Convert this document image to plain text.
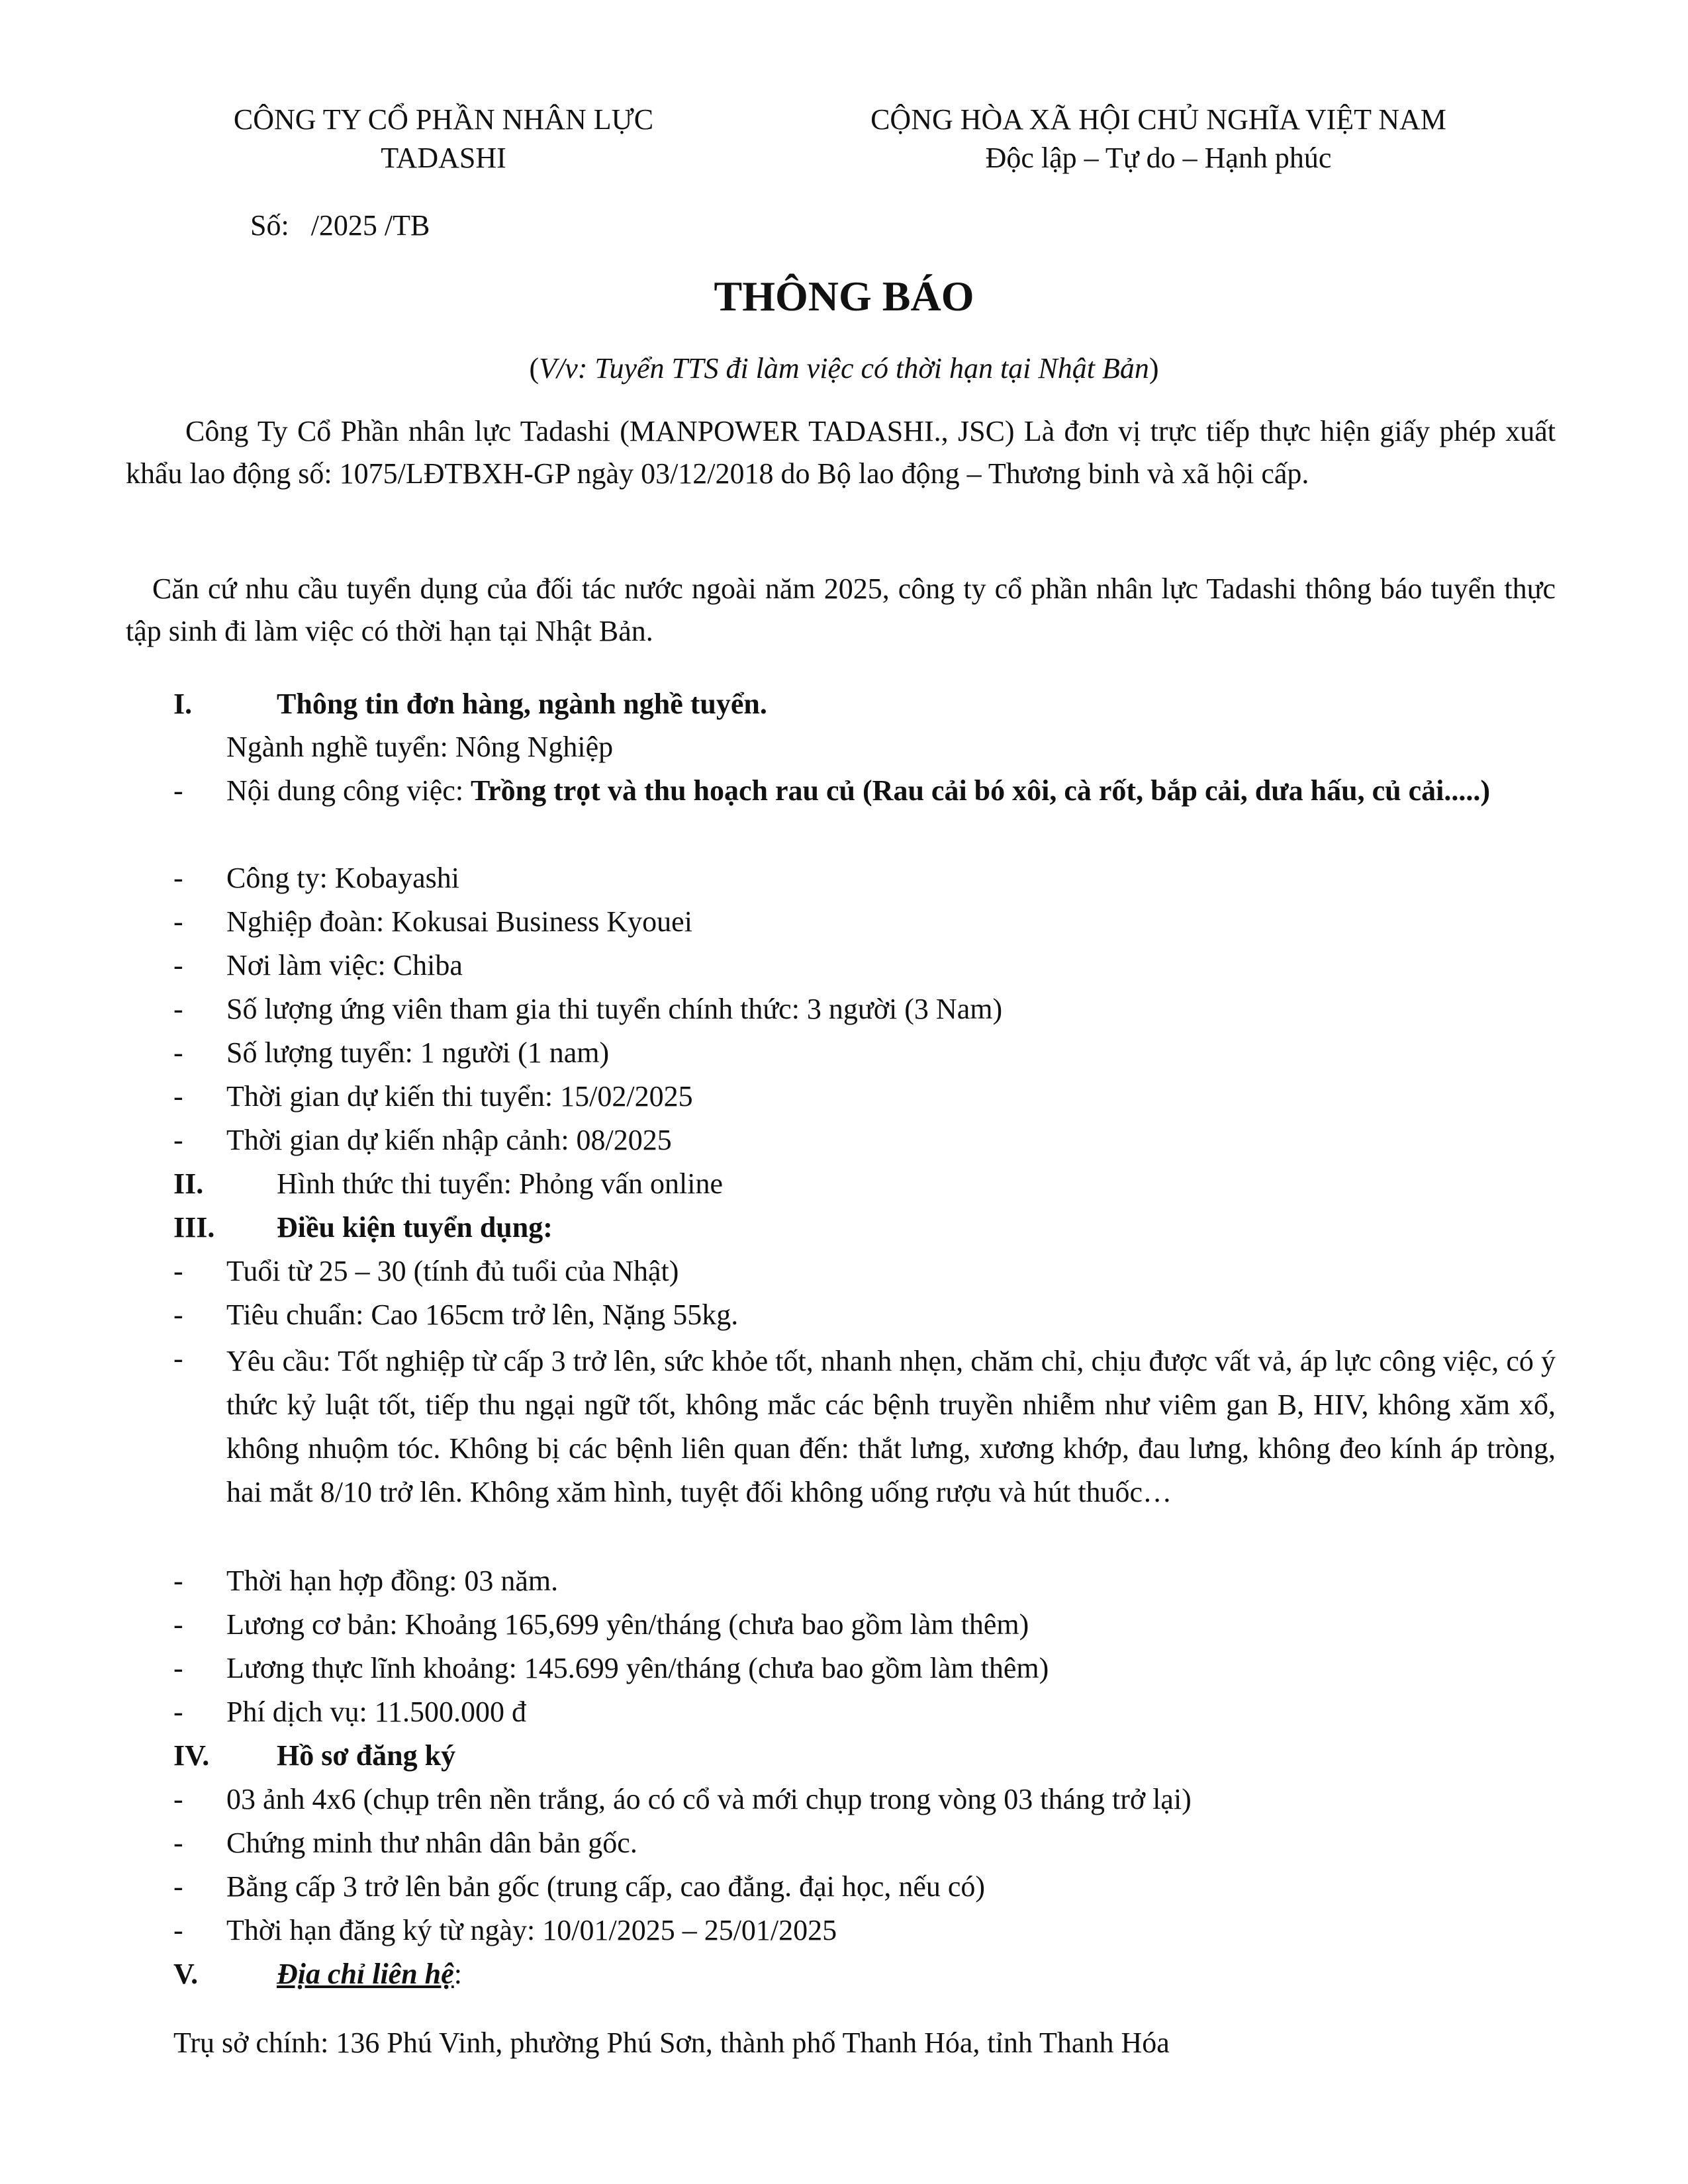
CÔNG TY CỔ PHẦN NHÂN LỰC
TADASHI
CỘNG HÒA XÃ HỘI CHỦ NGHĨA VIỆT NAM
Độc lập – Tự do – Hạnh phúc
Số:   /2025 /TB
THÔNG BÁO
(V/v: Tuyển TTS đi làm việc có thời hạn tại Nhật Bản)
Công Ty Cổ Phần nhân lực Tadashi (MANPOWER TADASHI., JSC) Là đơn vị trực tiếp thực hiện giấy phép xuất khẩu lao động số: 1075/LĐTBXH-GP ngày 03/12/2018 do Bộ lao động – Thương binh và xã hội cấp.
Căn cứ nhu cầu tuyển dụng của đối tác nước ngoài năm 2025, công ty cổ phần nhân lực Tadashi thông báo tuyển thực tập sinh đi làm việc có thời hạn tại Nhật Bản.
I.	Thông tin đơn hàng, ngành nghề tuyển.
Ngành nghề tuyển: Nông Nghiệp
- Nội dung công việc: Trồng trọt và thu hoạch rau củ (Rau cải bó xôi, cà rốt, bắp cải, dưa hấu, củ cải.....)
- Công ty: Kobayashi
- Nghiệp đoàn: Kokusai Business Kyouei
- Nơi làm việc: Chiba
- Số lượng ứng viên tham gia thi tuyển chính thức: 3 người (3 Nam)
- Số lượng tuyển: 1 người (1 nam)
- Thời gian dự kiến thi tuyển: 15/02/2025
- Thời gian dự kiến nhập cảnh: 08/2025
II.	Hình thức thi tuyển: Phỏng vấn online
III. Điều kiện tuyển dụng:
- Tuổi từ 25 – 30 (tính đủ tuổi của Nhật)
- Tiêu chuẩn: Cao 165cm trở lên, Nặng 55kg.
- Yêu cầu: Tốt nghiệp từ cấp 3 trở lên, sức khỏe tốt, nhanh nhẹn, chăm chỉ, chịu được vất vả, áp lực công việc, có ý thức kỷ luật tốt, tiếp thu ngại ngữ tốt, không mắc các bệnh truyền nhiễm như viêm gan B, HIV, không xăm xổ, không nhuộm tóc. Không bị các bệnh liên quan đến: thắt lưng, xương khớp, đau lưng, không đeo kính áp tròng, hai mắt 8/10 trở lên. Không xăm hình, tuyệt đối không uống rượu và hút thuốc…
- Thời hạn hợp đồng: 03 năm.
- Lương cơ bản: Khoảng 165,699 yên/tháng (chưa bao gồm làm thêm)
- Lương thực lĩnh khoảng: 145.699 yên/tháng (chưa bao gồm làm thêm)
- Phí dịch vụ: 11.500.000 đ
IV. Hồ sơ đăng ký
- 03 ảnh 4x6 (chụp trên nền trắng, áo có cổ và mới chụp trong vòng 03 tháng trở lại)
- Chứng minh thư nhân dân bản gốc.
- Bằng cấp 3 trở lên bản gốc (trung cấp, cao đẳng. đại học, nếu có)
- Thời hạn đăng ký từ ngày: 10/01/2025 – 25/01/2025
V.	Địa chỉ liên hệ:
Trụ sở chính: 136 Phú Vinh, phường Phú Sơn, thành phố Thanh Hóa, tỉnh Thanh Hóa
